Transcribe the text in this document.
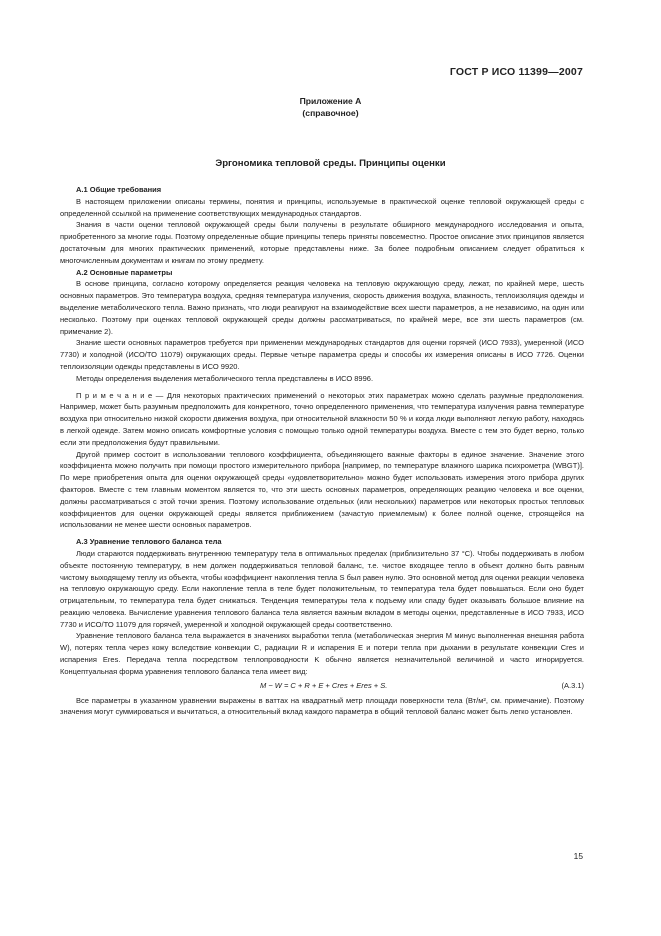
ГОСТ Р ИСО 11399—2007
Приложение А
(справочное)
Эргономика тепловой среды. Принципы оценки
А.1 Общие требования

В настоящем приложении описаны термины, понятия и принципы, используемые в практической оценке тепловой окружающей среды с определенной ссылкой на применение соответствующих международных стандартов.

Знания в части оценки тепловой окружающей среды были получены в результате обширного международного исследования и опыта, приобретенного за многие годы. Поэтому определенные общие принципы теперь приняты повсеместно. Простое описание этих принципов является достаточным для многих практических применений, которые представлены ниже. За более подробным описанием следует обратиться к многочисленным документам и книгам по этому предмету.

А.2 Основные параметры

В основе принципа, согласно которому определяется реакция человека на тепловую окружающую среду, лежат, по крайней мере, шесть основных параметров. Это температура воздуха, средняя температура излучения, скорость движения воздуха, влажность, теплоизоляция одежды и выделение метаболического тепла. Важно признать, что люди реагируют на взаимодействие всех шести параметров, а не независимо, на один или несколько. Поэтому при оценках тепловой окружающей среды должны рассматриваться, по крайней мере, все эти шесть параметров (см. примечание 2).

Знание шести основных параметров требуется при применении международных стандартов для оценки горячей (ИСО 7933), умеренной (ИСО 7730) и холодной (ИСО/ТО 11079) окружающих среды. Первые четыре параметра среды и способы их измерения описаны в ИСО 7726. Оценки теплоизоляции одежды представлены в ИСО 9920.

Методы определения выделения метаболического тепла представлены в ИСО 8996.

П р и м е ч а н и е — Для некоторых практических применений о некоторых этих параметрах можно сделать разумные предположения. Например, может быть разумным предположить для конкретного, точно определенного применения, что температура излучения равна температуре воздуха при относительно низкой скорости движения воздуха, при относительной влажности 50 % и когда люди выполняют легкую работу, находясь в легкой одежде. Затем можно описать комфортные условия с помощью только одной температуры воздуха. Вместе с тем это будет верно, только если эти предположения будут правильными.

Другой пример состоит в использовании теплового коэффициента, объединяющего важные факторы в единое значение. Значение этого коэффициента можно получить при помощи простого измерительного прибора [например, по температуре влажного шарика психрометра (WBGT)]. По мере приобретения опыта для оценки окружающей среды «удовлетворительно» можно будет использовать измерения этого прибора других факторов. Вместе с тем главным моментом является то, что эти шесть основных параметров, определяющих реакцию человека и все оценки, должны рассматриваться с этой точки зрения. Поэтому использование отдельных (или нескольких) параметров или некоторых простых тепловых коэффициентов для оценки окружающей среды является приближением (зачастую приемлемым) к более полной оценке, строящейся на использовании не менее шести основных параметров.

А.3 Уравнение теплового баланса тела

Люди стараются поддерживать внутреннюю температуру тела в оптимальных пределах (приблизительно 37 °С). Чтобы поддерживать в любом объекте постоянную температуру, в нем должен поддерживаться тепловой баланс, т.е. чистое входящее тепло в объект должно быть равным чистому выходящему теплу из объекта, чтобы коэффициент накопления тепла S был равен нулю. Это основной метод для оценки реакции человека на тепловую окружающую среду. Если накопление тепла в теле будет положительным, то температура тела будет повышаться. Если оно будет отрицательным, то температура тела будет снижаться. Тенденция температуры тела к подъему или спаду будет оказывать большое влияние на реакцию человека. Вычисление уравнения теплового баланса тела является важным вкладом в методы оценки, представленные в ИСО 7933, ИСО 7730 и ИСО/ТО 11079 для горячей, умеренной и холодной окружающей среды соответственно.

Уравнение теплового баланса тела выражается в значениях выработки тепла (метаболическая энергия M минус выполненная внешняя работа W), потерях тепла через кожу вследствие конвекции C, радиации R и испарения E и потери тепла при дыхании в результате конвекции Cres и испарения Eres. Передача тепла посредством теплопроводности K обычно является незначительной величиной и часто игнорируется. Концептуальная форма уравнения теплового баланса тела имеет вид:

M − W = C + R + E + Cres + Eres + S.	(А.3.1)

Все параметры в указанном уравнении выражены в ваттах на квадратный метр площади поверхности тела (Вт/м², см. примечание). Поэтому значения могут суммироваться и вычитаться, а относительный вклад каждого параметра в общий тепловой баланс может быть легко установлен.

15
